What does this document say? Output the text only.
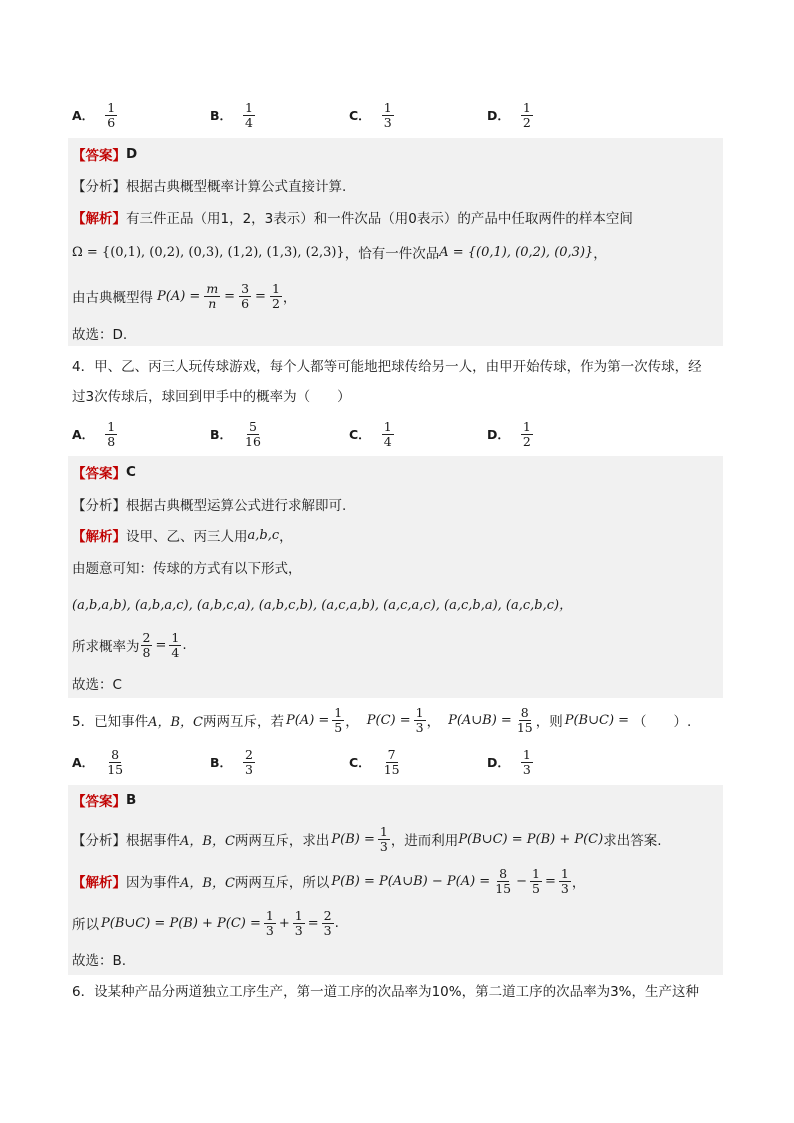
A． $\frac{1}{6}$	B． $\frac{1}{4}$	C． $\frac{1}{3}$	D． $\frac{1}{2}$
【答案】 D
【分析】 根据古典概型概率计算公式直接计算.
【解析】 有三件正品（用1，2，3表示）和一件次品（用0表示）的产品中任取两件的样本空间
Ω = {(0,1), (0,2), (0,3), (1,2), (1,3), (2,3)} ，恰有一件次品 A = {(0,1), (0,2), (0,3)} ，
由古典概型得 $P(A) = \frac{m}{n} = \frac{3}{6} = \frac{1}{2}$ ，
故选：D.
4．甲、乙、丙三人玩传球游戏，每个人都等可能地把球传给另一人，由甲开始传球，作为第一次传球，经
过3次传球后，球回到甲手中的概率为（　　）
A． $\frac{1}{8}$	B． $\frac{5}{16}$	C． $\frac{1}{4}$	D． $\frac{1}{2}$
【答案】 C
【分析】 根据古典概型运算公式进行求解即可.
【解析】 设甲、乙、丙三人用 a,b,c ，
由题意可知：传球的方式有以下形式，
(a,b,a,b), (a,b,a,c), (a,b,c,a), (a,b,c,b), (a,c,a,b), (a,c,a,c), (a,c,b,a), (a,c,b,c)，
所求概率为 $\frac{2}{8} = \frac{1}{4}$ .
故选：C
5．已知事件 A，B，C 两两互斥，若 $P(A) = \frac{1}{5}$ ， $P(C) = \frac{1}{3}$ ， P(A∪B) = $\frac{8}{15}$ ，则 P(B∪C) = （　　）.
A． $\frac{8}{15}$	B． $\frac{2}{3}$	C． $\frac{7}{15}$	D． $\frac{1}{3}$
【答案】 B
【分析】 根据事件 A，B，C 两两互斥，求出 $P(B) = \frac{1}{3}$ ，进而利用 P(B∪C) = P(B) + P(C) 求出答案.
【解析】 因为事件 A，B，C 两两互斥，所以 P(B) = P(A∪B) − $P(A) = \frac{8}{15} - \frac{1}{5} = \frac{1}{3}$ ，
所以 P(B∪C) = $P(B) + P(C) = \frac{1}{3} + \frac{1}{3} = \frac{2}{3}$ .
故选：B.
6．设某种产品分两道独立工序生产，第一道工序的次品率为10%，第二道工序的次品率为3%，生产这种
